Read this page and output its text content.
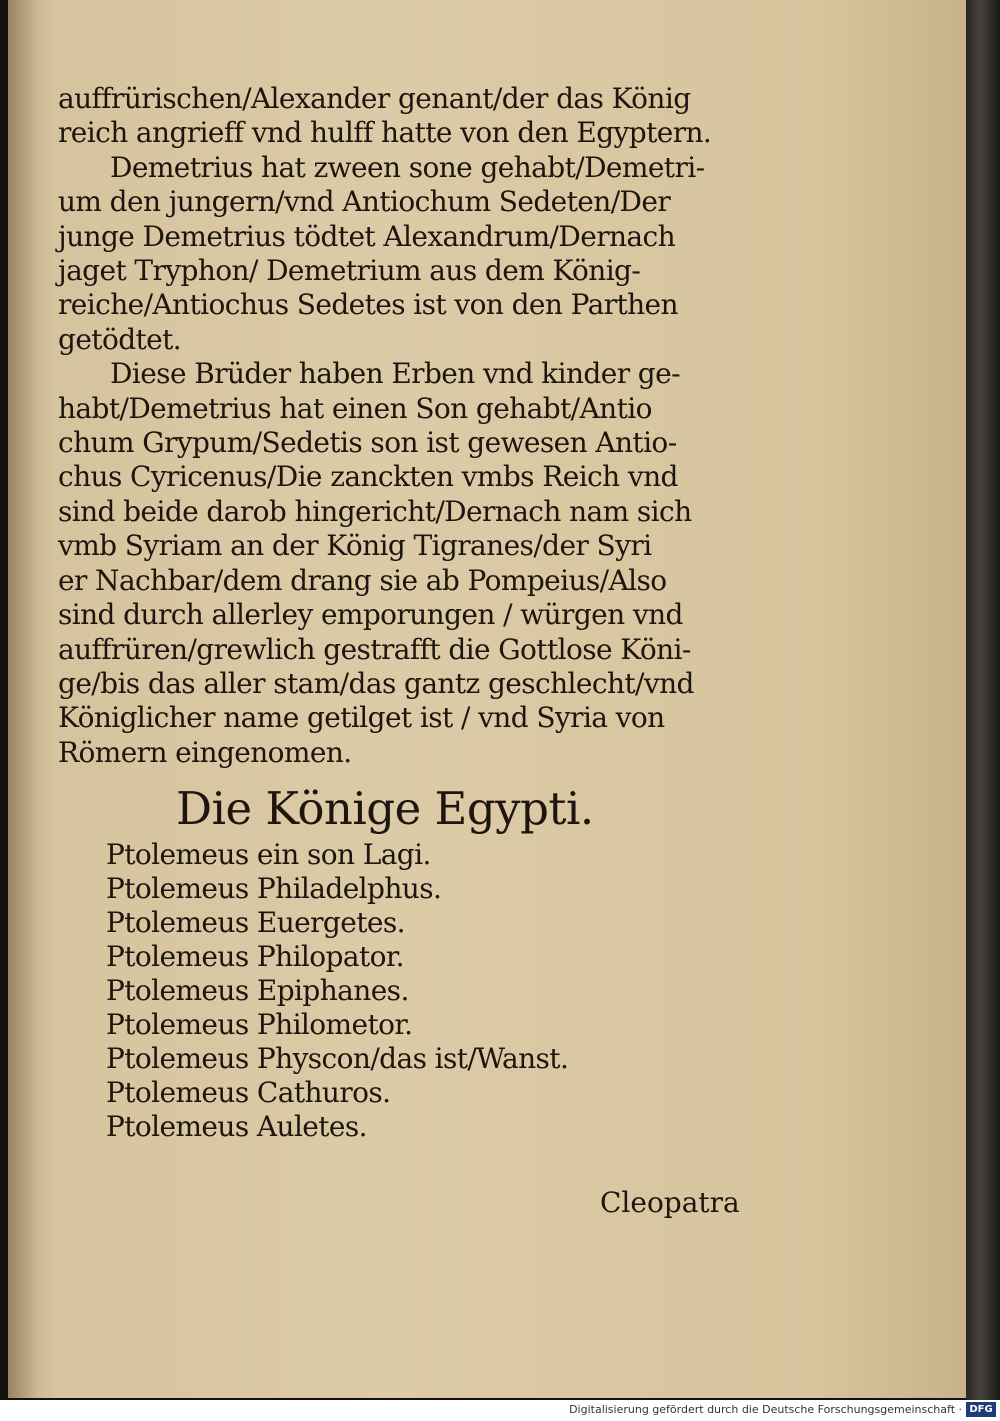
auffrürischen/Alexander genant/der das König
reich angrieff vnd hulff hatte von den Egyptern.
Demetrius hat zween sone gehabt/Demetri-
um den jungern/vnd Antiochum Sedeten/Der
junge Demetrius tödtet Alexandrum/Dernach
jaget Tryphon/ Demetrium aus dem König-
reiche/Antiochus Sedetes ist von den Parthen
getödtet.
Diese Brüder haben Erben vnd kinder ge-
habt/Demetrius hat einen Son gehabt/Antio
chum Grypum/Sedetis son ist gewesen Antio-
chus Cyricenus/Die zanckten vmbs Reich vnd
sind beide darob hingericht/Dernach nam sich
vmb Syriam an der König Tigranes/der Syri
er Nachbar/dem drang sie ab Pompeius/Also
sind durch allerley emporungen / würgen vnd
auffrüren/grewlich gestrafft die Gottlose Köni-
ge/bis das aller stam/das gantz geschlecht/vnd
Königlicher name getilget ist / vnd Syria von
Römern eingenomen.
Die Könige Egypti.
Ptolemeus ein son Lagi.
Ptolemeus Philadelphus.
Ptolemeus Euergetes.
Ptolemeus Philopator.
Ptolemeus Epiphanes.
Ptolemeus Philometor.
Ptolemeus Physcon/das ist/Wanst.
Ptolemeus Cathuros.
Ptolemeus Auletes.
Cleopatra
Digitalisierung gefördert durch die Deutsche Forschungsgemeinschaft · DFG
